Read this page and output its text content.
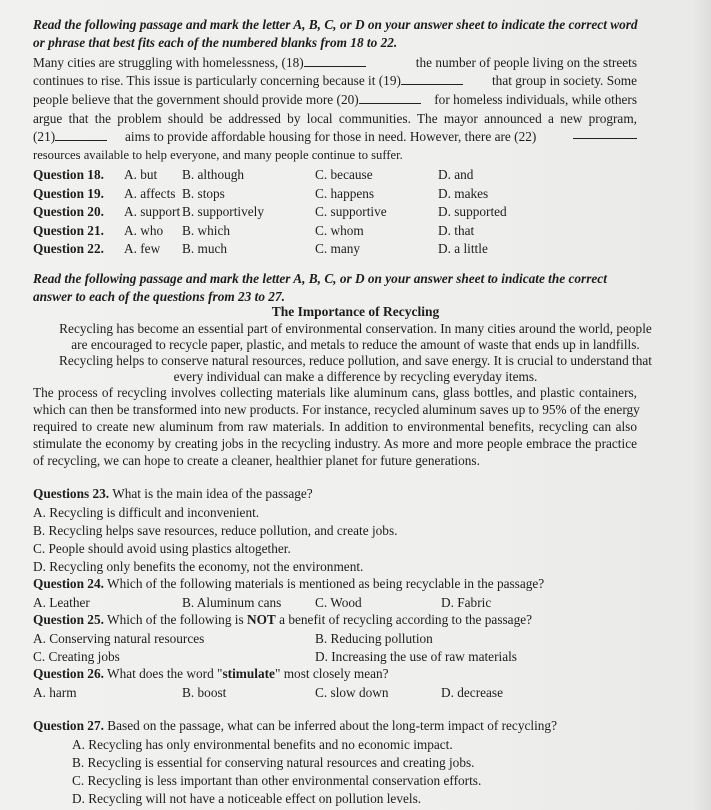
Read the following passage and mark the letter A, B, C, or D on your answer sheet to indicate the correct word
or phrase that best fits each of the numbered blanks from 18 to 22.
Many cities are struggling with homelessness, (18)	the number of people living on the streets
continues to rise. This issue is particularly concerning because it (19)	that group in society. Some
people believe that the government should provide more (20)	for homeless individuals, while others
argue that the problem should be addressed by local communities. The mayor announced a new program,
(21)	aims to provide affordable housing for those in need. However, there are (22)
resources available to help everyone, and many people continue to suffer.
Question 18. A. but B. although	C. because	D. and
Question 19. A. affects B. stops	C. happens	D. makes
Question 20. A. support B. supportively	C. supportive	D. supported
Question 21. A. who B. which	C. whom	D. that
Question 22. A. few B. much	C. many	D. a little
Read the following passage and mark the letter A, B, C, or D on your answer sheet to indicate the correct
answer to each of the questions from 23 to 27.
The Importance of Recycling
Recycling has become an essential part of environmental conservation. In many cities around the world, people
are encouraged to recycle paper, plastic, and metals to reduce the amount of waste that ends up in landfills.
Recycling helps to conserve natural resources, reduce pollution, and save energy. It is crucial to understand that
every individual can make a difference by recycling everyday items.
The process of recycling involves collecting materials like aluminum cans, glass bottles, and plastic containers,
which can then be transformed into new products. For instance, recycled aluminum saves up to 95% of the energy
required to create new aluminum from raw materials. In addition to environmental benefits, recycling can also
stimulate the economy by creating jobs in the recycling industry. As more and more people embrace the practice
of recycling, we can hope to create a cleaner, healthier planet for future generations.
Questions 23. What is the main idea of the passage?
A. Recycling is difficult and inconvenient.
B. Recycling helps save resources, reduce pollution, and create jobs.
C. People should avoid using plastics altogether.
D. Recycling only benefits the economy, not the environment.
Question 24. Which of the following materials is mentioned as being recyclable in the passage?
A. Leather	B. Aluminum cans	C. Wood	D. Fabric
Question 25. Which of the following is NOT a benefit of recycling according to the passage?
A. Conserving natural resources	B. Reducing pollution
C. Creating jobs	D. Increasing the use of raw materials
Question 26. What does the word "stimulate" most closely mean?
A. harm	B. boost	C. slow down	D. decrease
Question 27. Based on the passage, what can be inferred about the long-term impact of recycling?
A. Recycling has only environmental benefits and no economic impact.
B. Recycling is essential for conserving natural resources and creating jobs.
C. Recycling is less important than other environmental conservation efforts.
D. Recycling will not have a noticeable effect on pollution levels.
